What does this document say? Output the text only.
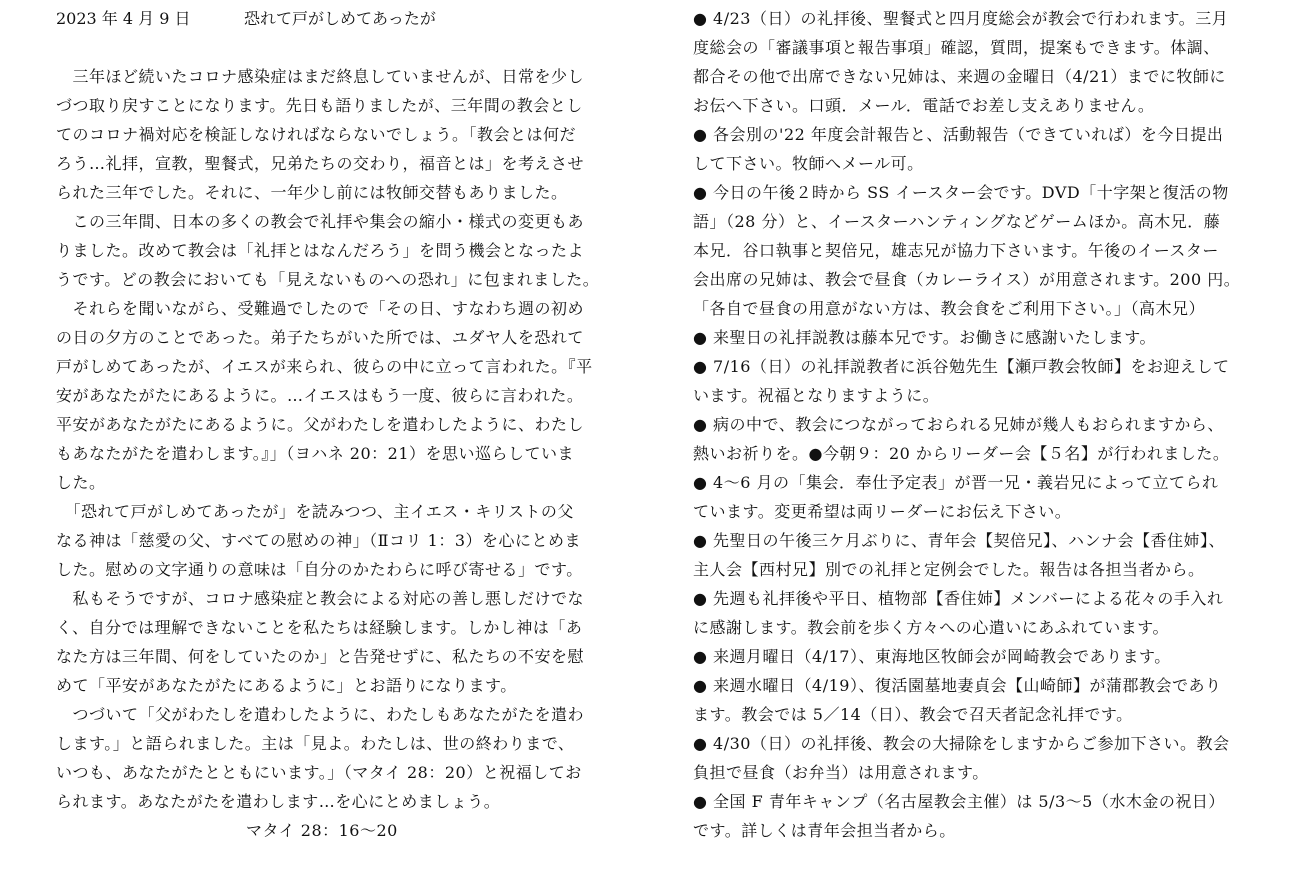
2023 年 4 月 9 日	恐れて戸がしめてあったが
　三年ほど続いたコロナ感染症はまだ終息していませんが、日常を少し
づつ取り戻すことになります。先日も語りましたが、三年間の教会とし
てのコロナ禍対応を検証しなければならないでしょう。「教会とは何だ
ろう…礼拝，宣教，聖餐式，兄弟たちの交わり，福音とは」を考えさせ
られた三年でした。それに、一年少し前には牧師交替もありました。
　この三年間、日本の多くの教会で礼拝や集会の縮小・様式の変更もあ
りました。改めて教会は「礼拝とはなんだろう」を問う機会となったよ
うです。どの教会においても「見えないものへの恐れ」に包まれました。
　それらを聞いながら、受難過でしたので「その日、すなわち週の初め
の日の夕方のことであった。弟子たちがいた所では、ユダヤ人を恐れて
戸がしめてあったが、イエスが来られ、彼らの中に立って言われた。『平
安があなたがたにあるように。…イエスはもう一度、彼らに言われた。
平安があなたがたにあるように。父がわたしを遣わしたように、わたし
もあなたがたを遣わします。』」（ヨハネ 20：21）を思い巡らしていま
した。
　「恐れて戸がしめてあったが」を読みつつ、主イエス・キリストの父
なる神は「慈愛の父、すべての慰めの神」（Ⅱコリ 1：3）を心にとめま
した。慰めの文字通りの意味は「自分のかたわらに呼び寄せる」です。
　私もそうですが、コロナ感染症と教会による対応の善し悪しだけでな
く、自分では理解できないことを私たちは経験します。しかし神は「あ
なた方は三年間、何をしていたのか」と告発せずに、私たちの不安を慰
めて「平安があなたがたにあるように」とお語りになります。
　つづいて「父がわたしを遣わしたように、わたしもあなたがたを遣わ
します。」と語られました。主は「見よ。わたしは、世の終わりまで、
いつも、あなたがたとともにいます。」（マタイ 28：20）と祝福してお
られます。あなたがたを遣わします…を心にとめましょう。
マタイ 28：16〜20
● 4/23（日）の礼拝後、聖餐式と四月度総会が教会で行われます。三月
度総会の「審議事項と報告事項」確認，質問，提案もできます。体調、
都合その他で出席できない兄姉は、来週の金曜日（4/21）までに牧師に
お伝へ下さい。口頭．メール．電話でお差し支えありません。
● 各会別の'22 年度会計報告と、活動報告（できていれば）を今日提出
して下さい。牧師へメール可。
● 今日の午後２時から SS イースター会です。DVD「十字架と復活の物
語」（28 分）と、イースターハンティングなどゲームほか。高木兄．藤
本兄．谷口執事と契倍兄，雄志兄が協力下さいます。午後のイースター
会出席の兄姉は、教会で昼食（カレーライス）が用意されます。200 円。
「各自で昼食の用意がない方は、教会食をご利用下さい。」（高木兄）
● 来聖日の礼拝説教は藤本兄です。お働きに感謝いたします。
● 7/16（日）の礼拝説教者に浜谷勉先生【瀬戸教会牧師】をお迎えして
います。祝福となりますように。
● 病の中で、教会につながっておられる兄姉が幾人もおられますから、
熱いお祈りを。●今朝９：20 からリーダー会【５名】が行われました。
● 4〜6 月の「集会．奉仕予定表」が晋一兄・義岩兄によって立てられ
ています。変更希望は両リーダーにお伝え下さい。
● 先聖日の午後三ケ月ぶりに、青年会【契倍兄】、ハンナ会【香住姉】、
主人会【西村兄】別での礼拝と定例会でした。報告は各担当者から。
● 先週も礼拝後や平日、植物部【香住姉】メンバーによる花々の手入れ
に感謝します。教会前を歩く方々への心遣いにあふれています。
● 来週月曜日（4/17）、東海地区牧師会が岡崎教会であります。
● 来週水曜日（4/19）、復活園墓地妻貞会【山崎師】が蒲郡教会であり
ます。教会では 5／14（日）、教会で召天者記念礼拝です。
● 4/30（日）の礼拝後、教会の大掃除をしますからご参加下さい。教会
負担で昼食（お弁当）は用意されます。
● 全国 F 青年キャンプ（名古屋教会主催）は 5/3〜5（水木金の祝日）
です。詳しくは青年会担当者から。
